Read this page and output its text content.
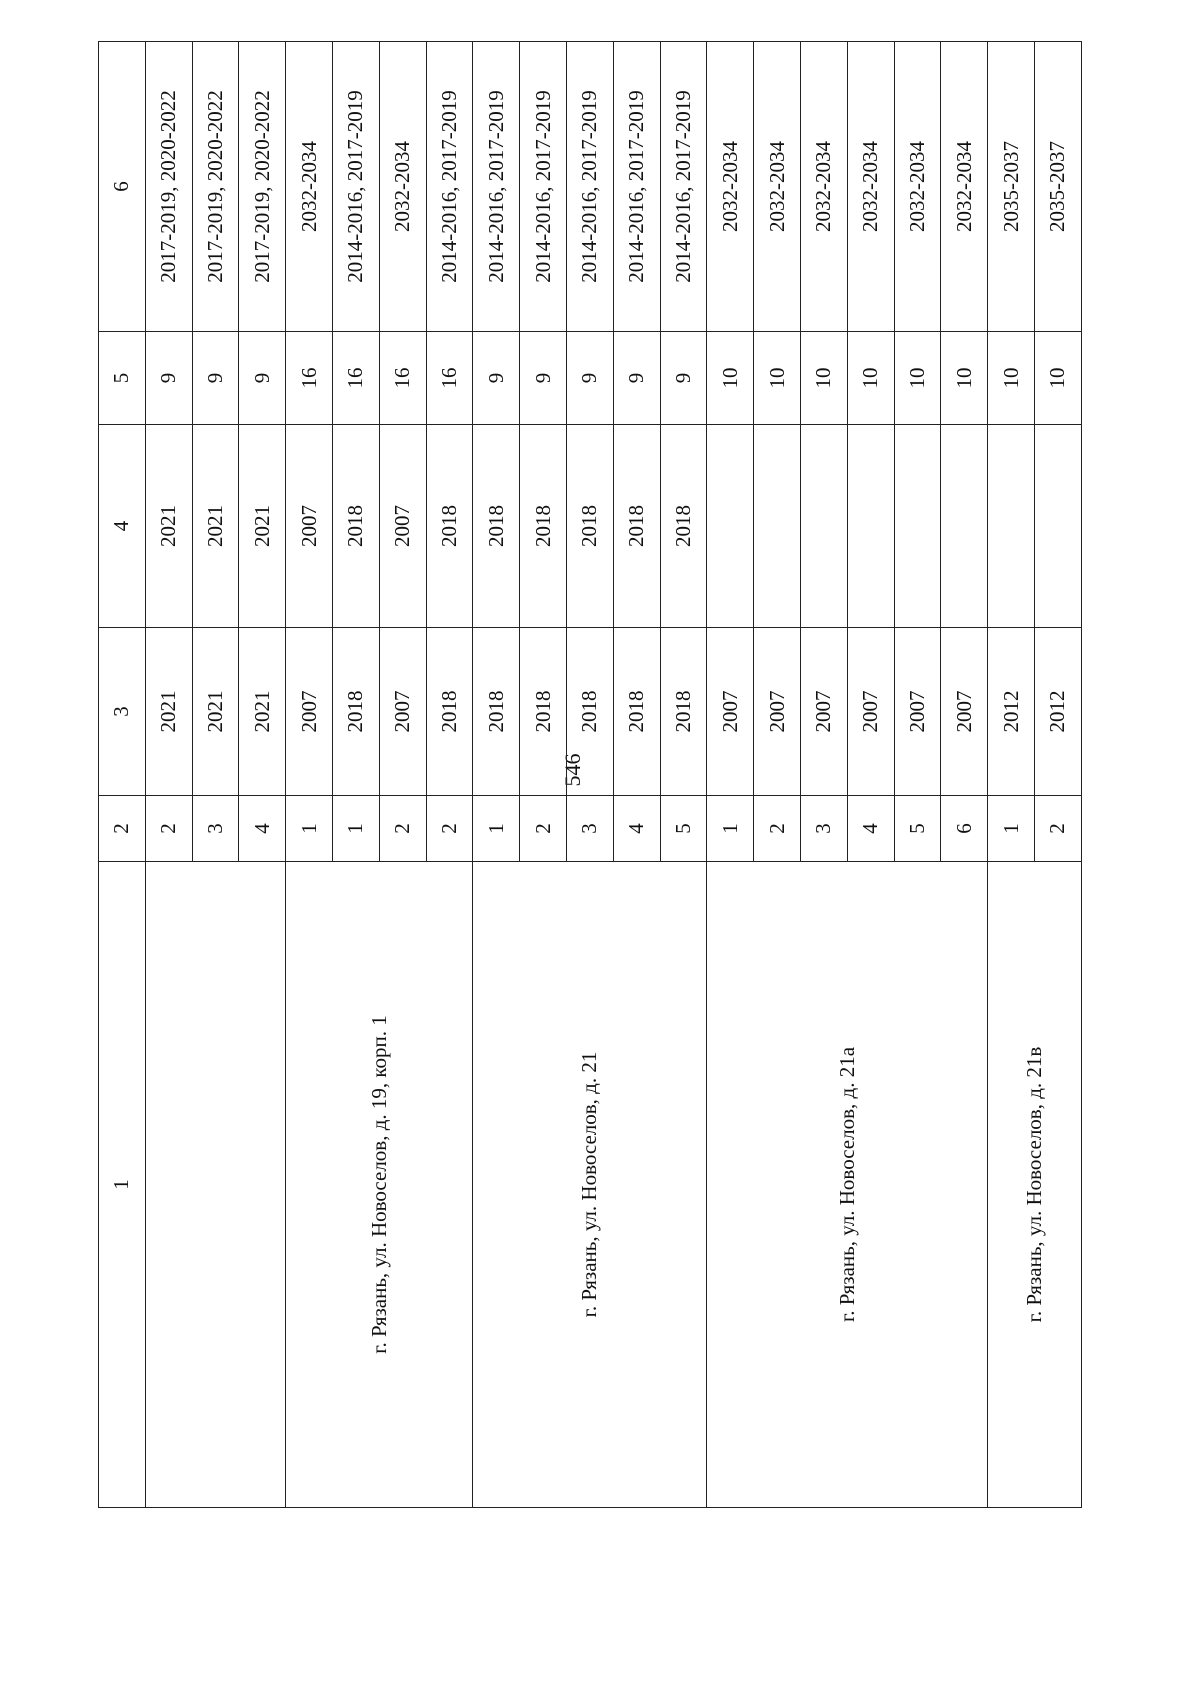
546
1	2	3	4	5	6
	2	2021	2021	9	2017-2019, 2020-2022
	3	2021	2021	9	2017-2019, 2020-2022
	4	2021	2021	9	2017-2019, 2020-2022
г. Рязань, ул. Новоселов, д. 19, корп. 1	1	2007	2007	16	2032-2034
	1	2018	2018	16	2014-2016, 2017-2019
	2	2007	2007	16	2032-2034
	2	2018	2018	16	2014-2016, 2017-2019
г. Рязань, ул. Новоселов, д. 21	1	2018	2018	9	2014-2016, 2017-2019
	2	2018	2018	9	2014-2016, 2017-2019
	3	2018	2018	9	2014-2016, 2017-2019
	4	2018	2018	9	2014-2016, 2017-2019
	5	2018	2018	9	2014-2016, 2017-2019
г. Рязань, ул. Новоселов, д. 21а	1	2007		10	2032-2034
	2	2007		10	2032-2034
	3	2007		10	2032-2034
	4	2007		10	2032-2034
	5	2007		10	2032-2034
	6	2007		10	2032-2034
г. Рязань, ул. Новоселов, д. 21в	1	2012		10	2035-2037
	2	2012		10	2035-2037
